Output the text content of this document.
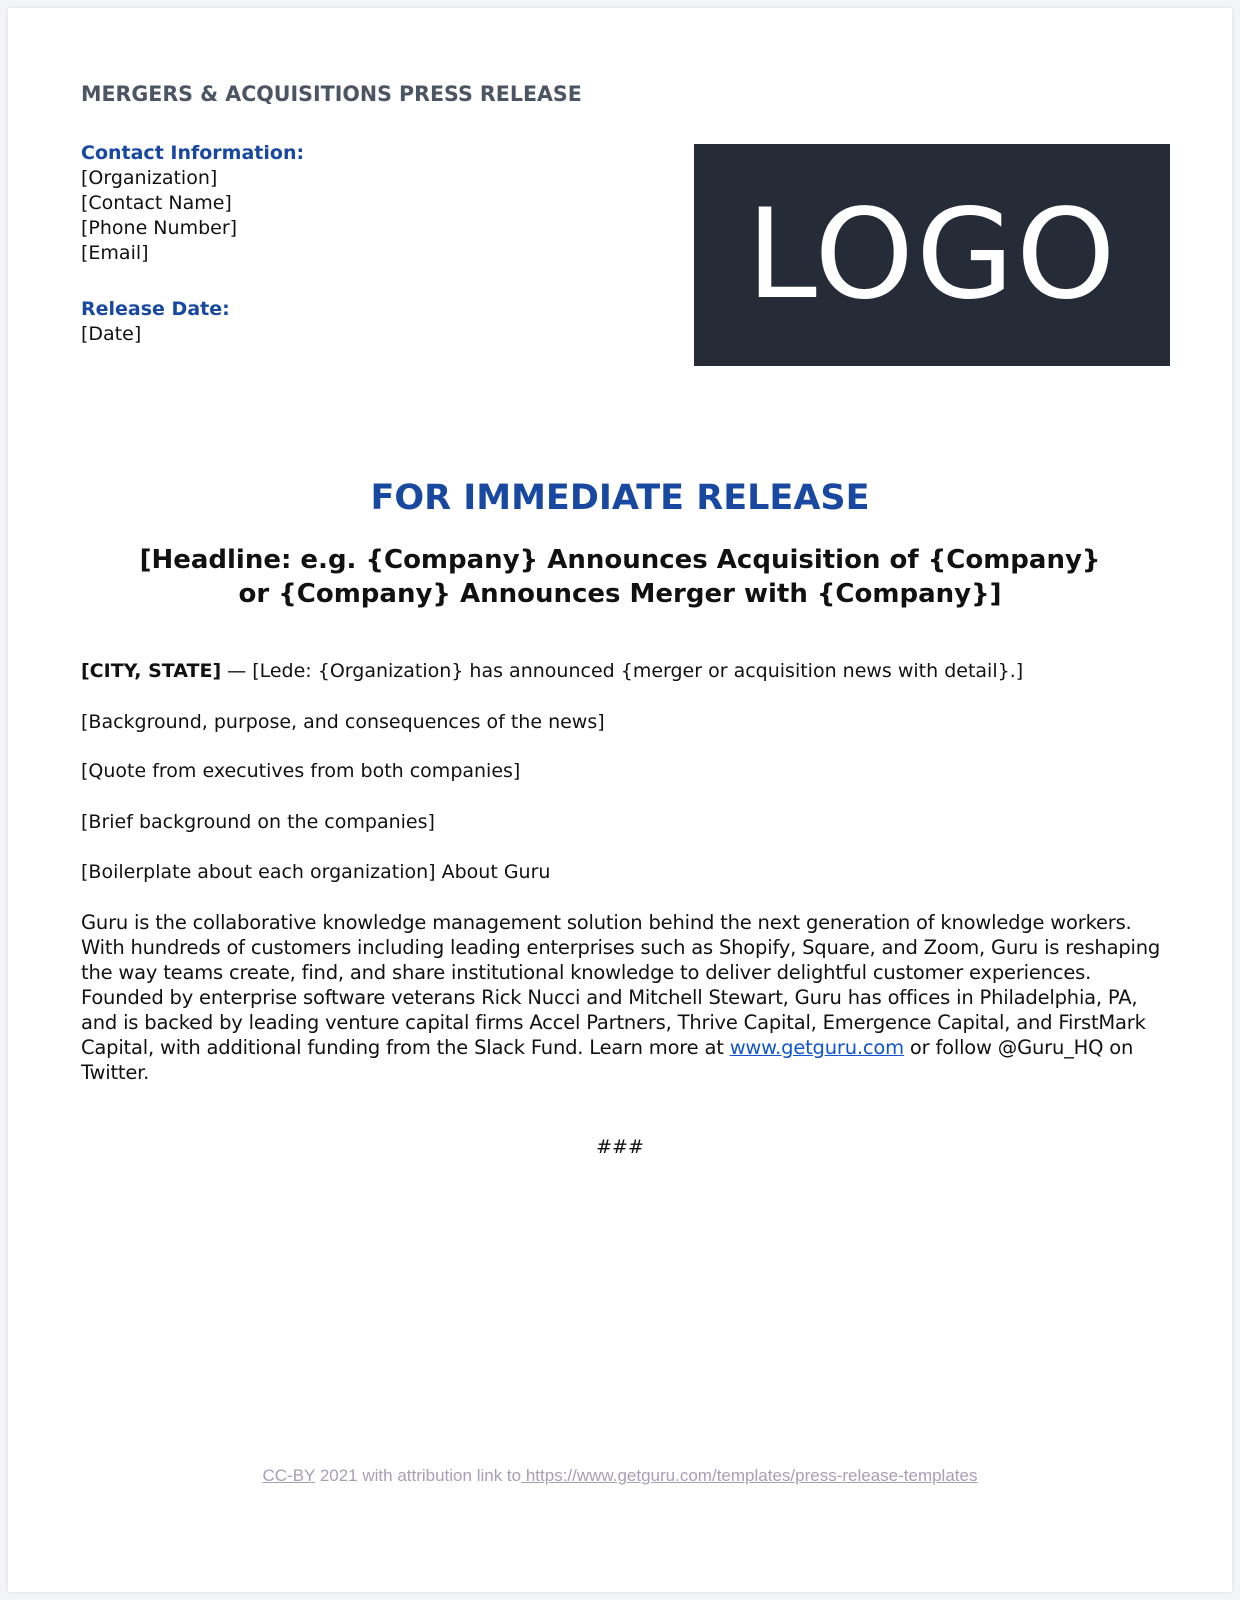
MERGERS & ACQUISITIONS PRESS RELEASE
Contact Information:
[Organization]
[Contact Name]
[Phone Number]
[Email]
Release Date:
[Date]
LOGO
FOR IMMEDIATE RELEASE
[Headline: e.g. {Company} Announces Acquisition of {Company}
or {Company} Announces Merger with {Company}]
[CITY, STATE] — [Lede: {Organization} has announced {merger or acquisition news with detail}.]
[Background, purpose, and consequences of the news]
[Quote from executives from both companies]
[Brief background on the companies]
[Boilerplate about each organization] About Guru
Guru is the collaborative knowledge management solution behind the next generation of knowledge workers. With hundreds of customers including leading enterprises such as Shopify, Square, and Zoom, Guru is reshaping the way teams create, find, and share institutional knowledge to deliver delightful customer experiences. Founded by enterprise software veterans Rick Nucci and Mitchell Stewart, Guru has offices in Philadelphia, PA, and is backed by leading venture capital firms Accel Partners, Thrive Capital, Emergence Capital, and FirstMark Capital, with additional funding from the Slack Fund. Learn more at www.getguru.com or follow @Guru_HQ on Twitter.
###
CC-BY 2021 with attribution link to https://www.getguru.com/templates/press-release-templates
